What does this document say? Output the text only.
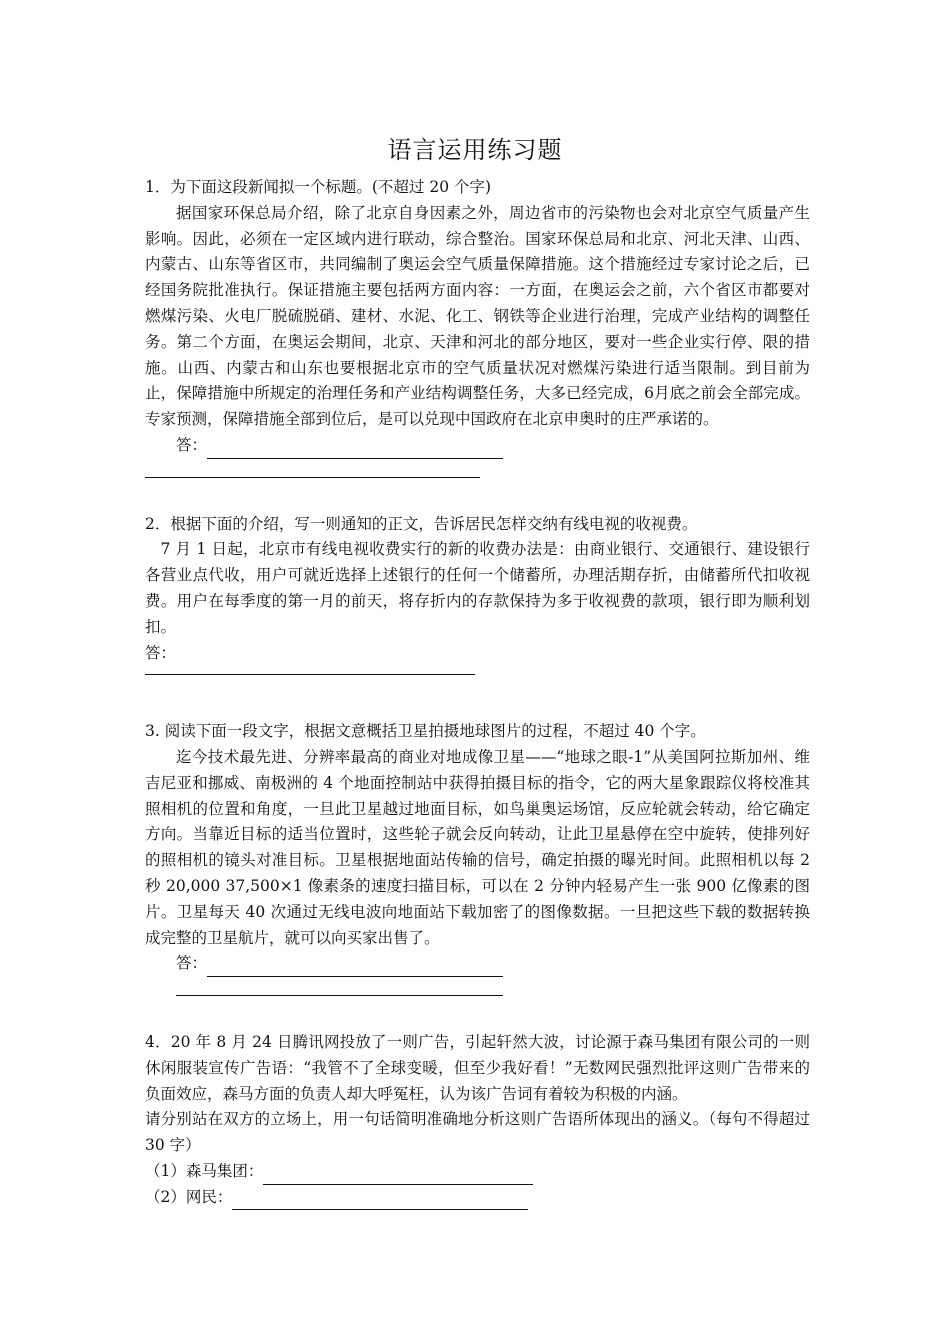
语言运用练习题

1．为下面这段新闻拟一个标题。(不超过 20 个字)

据国家环保总局介绍，除了北京自身因素之外，周边省市的污染物也会对北京空气质量产生影响。因此，必须在一定区域内进行联动，综合整治。国家环保总局和北京、河北天津、山西、内蒙古、山东等省区市，共同编制了奥运会空气质量保障措施。这个措施经过专家讨论之后，已经国务院批准执行。保证措施主要包括两方面内容：一方面，在奥运会之前，六个省区市都要对燃煤污染、火电厂脱硫脱硝、建材、水泥、化工、钢铁等企业进行治理，完成产业结构的调整任务。第二个方面，在奥运会期间，北京、天津和河北的部分地区，要对一些企业实行停、限的措施。山西、内蒙古和山东也要根据北京市的空气质量状况对燃煤污染进行适当限制。到目前为止，保障措施中所规定的治理任务和产业结构调整任务，大多已经完成，6月底之前会全部完成。专家预测，保障措施全部到位后，是可以兑现中国政府在北京申奥时的庄严承诺的。

答：

2．根据下面的介绍，写一则通知的正文，告诉居民怎样交纳有线电视的收视费。

7 月 1 日起，北京市有线电视收费实行的新的收费办法是：由商业银行、交通银行、建设银行各营业点代收，用户可就近选择上述银行的任何一个储蓄所，办理活期存折，由储蓄所代扣收视费。用户在每季度的第一月的前天，将存折内的存款保持为多于收视费的款项，银行即为顺利划扣。

答：

3. 阅读下面一段文字，根据文意概括卫星拍摄地球图片的过程，不超过 40 个字。

迄今技术最先进、分辨率最高的商业对地成像卫星——“地球之眼-1”从美国阿拉斯加州、维吉尼亚和挪威、南极洲的 4 个地面控制站中获得拍摄目标的指令，它的两大星象跟踪仪将校准其照相机的位置和角度，一旦此卫星越过地面目标，如鸟巢奥运场馆，反应轮就会转动，给它确定方向。当靠近目标的适当位置时，这些轮子就会反向转动，让此卫星悬停在空中旋转，使排列好的照相机的镜头对准目标。卫星根据地面站传输的信号，确定拍摄的曝光时间。此照相机以每 2 秒 20,000 37,500×1 像素条的速度扫描目标，可以在 2 分钟内轻易产生一张 900 亿像素的图片。卫星每天 40 次通过无线电波向地面站下载加密了的图像数据。一旦把这些下载的数据转换成完整的卫星航片，就可以向买家出售了。

答：

4．20 年 8 月 24 日腾讯网投放了一则广告，引起轩然大波，讨论源于森马集团有限公司的一则休闲服装宣传广告语：“我管不了全球变暖，但至少我好看！”无数网民强烈批评这则广告带来的负面效应，森马方面的负责人却大呼冤枉，认为该广告词有着较为积极的内涵。

请分别站在双方的立场上，用一句话简明准确地分析这则广告语所体现出的涵义。（每句不得超过 30 字）

（1）森马集团：
（2）网民：
